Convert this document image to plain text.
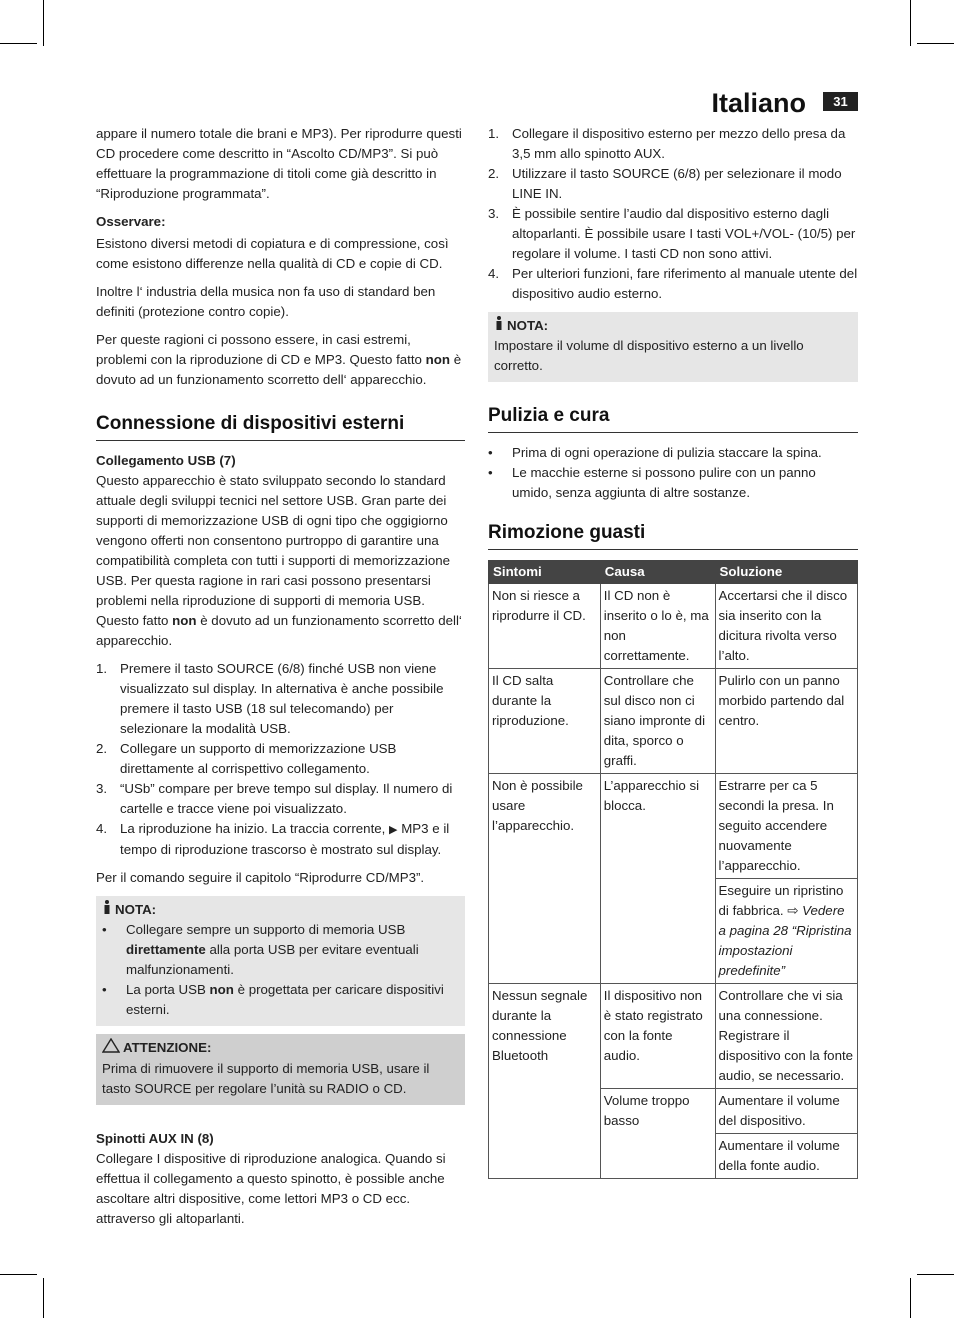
Italiano	31

appare il numero totale die brani e MP3). Per riprodurre questi CD procedere come descritto in “Ascolto CD/MP3”. Si può effettuare la programmazione di titoli come già descritto in “Riproduzione programmata”.

Osservare:

Esistono diversi metodi di copiatura e di compressione, così come esistono differenze nella qualità di CD e copie di CD.

Inoltre l‘ industria della musica non fa uso di standard ben definiti (protezione contro copie).

Per queste ragioni ci possono essere, in casi estremi, problemi con la riproduzione di CD e MP3. Questo fatto non è dovuto ad un funzionamento scorretto dell‘ apparecchio.

Connessione di dispositivi esterni
Collegamento USB (7)

Questo apparecchio è stato sviluppato secondo lo standard attuale degli sviluppi tecnici nel settore USB. Gran parte dei supporti di memorizzazione USB di ogni tipo che oggigiorno vengono offerti non consentono purtroppo di garantire una compatibilità completa con tutti i supporti di memorizzazione USB. Per questa ragione in rari casi possono presentarsi problemi nella riproduzione di supporti di memoria USB. Questo fatto non è dovuto ad un funzionamento scorretto dell‘ apparecchio.

1. Premere il tasto SOURCE (6/8) finché USB non viene visualizzato sul display. In alternativa è anche possibile premere il tasto USB (18 sul telecomando) per selezionare la modalità USB.
2. Collegare un supporto di memorizzazione USB direttamente al corrispettivo collegamento.
3. “USb” compare per breve tempo sul display. Il numero di cartelle e tracce viene poi visualizzato.
4. La riproduzione ha inizio. La traccia corrente, ▶ MP3 e il tempo di riproduzione trascorso è mostrato sul display.

Per il comando seguire il capitolo “Riprodurre CD/MP3”.

NOTA:
• Collegare sempre un supporto di memoria USB direttamente alla porta USB per evitare eventuali malfunzionamenti.
• La porta USB non è progettata per caricare dispositivi esterni.
ATTENZIONE:
Prima di rimuovere il supporto di memoria USB, usare il tasto SOURCE per regolare l’unità su RADIO o CD.
Spinotti AUX IN (8)

Collegare I dispositive di riproduzione analogica. Quando si effettua il collegamento a questo spinotto, è possible anche ascoltare altri dispositive, come lettori MP3 o CD ecc. attraverso gli altoparlanti.

1. Collegare il dispositivo esterno per mezzo dello presa da 3,5 mm allo spinotto AUX.
2. Utilizzare il tasto SOURCE (6/8) per selezionare il modo LINE IN.
3. È possibile sentire l’audio dal dispositivo esterno dagli altoparlanti. È possibile usare I tasti VOL+/VOL- (10/5) per regolare il volume. I tasti CD non sono attivi.
4. Per ulteriori funzioni, fare riferimento al manuale utente del dispositivo audio esterno.
NOTA:
Impostare il volume dl dispositivo esterno a un livello corretto.
Pulizia e cura
• Prima di ogni operazione di pulizia staccare la spina.
• Le macchie esterne si possono pulire con un panno umido, senza aggiunta di altre sostanze.
Rimozione guasti
Sintomi	Causa	Soluzione
Non si riesce a riprodurre il CD.	Il CD non è inserito o lo è, ma non correttamente.	Accertarsi che il disco sia inserito con la dicitura rivolta verso l’alto.
Il CD salta durante la riproduzione.	Controllare che sul disco non ci siano impronte di dita, sporco o graffi.	Pulirlo con un panno morbido partendo dal centro.
Non è possibile usare l’apparecchio.	L’apparecchio si blocca.	Estrarre per ca 5 secondi la presa. In seguito accendere nuovamente l’apparecchio.
		Eseguire un ripristino di fabbrica. ⇨ Vedere a pagina 28 “Ripristina impostazioni predefinite”
Nessun segnale durante la connessione Bluetooth	Il dispositivo non è stato registrato con la fonte audio.	Controllare che vi sia una connessione. Registrare il dispositivo con la fonte audio, se necessario.
	Volume troppo basso	Aumentare il volume del dispositivo.
		Aumentare il volume della fonte audio.
